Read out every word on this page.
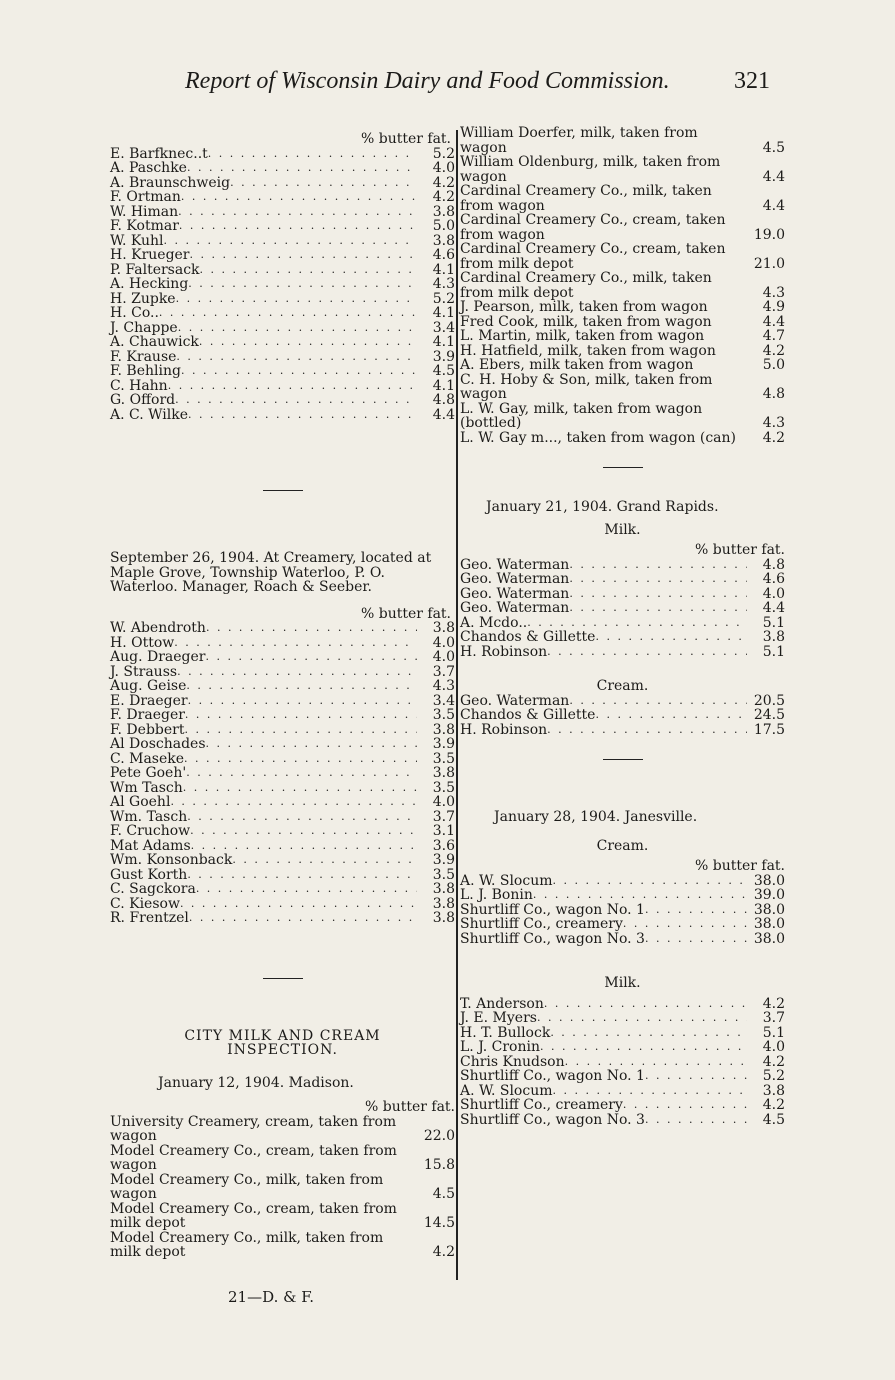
Report of Wisconsin Dairy and Food Commission.	321
% butter fat.
E. Barfknec..t . . .	5.2
A. Paschke . . .	4.0
A. Braunschweig . . .	4.2
F. Ortman . . .	4.2
W. Himan . . .	3.8
F. Kotmar . . .	5.0
W. Kuhl . . .	3.8
H. Krueger . . .	4.6
P. Faltersack . . .	4.1
A. Hecking . . .	4.3
H. Zupke . . .	5.2
H. Co.. . . .	4.1
J. Chappe . . .	3.4
A. Chauwick . . .	4.1
F. Krause . . .	3.9
F. Behling . . .	4.5
C. Hahn . . .	4.1
G. Offord . . .	4.8
A. C. Wilke . . .	4.4
September 26, 1904. At Creamery, located at Maple Grove, Township Waterloo, P. O. Waterloo. Manager, Roach & Seeber.
% butter fat.
W. Abendroth . . .	3.8
H. Ottow . . .	4.0
Aug. Draeger . . .	4.0
J. Strauss . . .	3.7
Aug. Geise . . .	4.3
E. Draeger . . .	3.4
F. Draeger . . .	3.5
F. Debbert . . .	3.8
Al Doschades . . .	3.9
C. Maseke . . .	3.5
Pete Goeh' . . .	3.8
Wm Tasch . . .	3.5
Al Goehl . . .	4.0
Wm. Tasch . . .	3.7
F. Cruchow . . .	3.1
Mat Adams . . .	3.6
Wm. Konsonback . . .	3.9
Gust Korth . . .	3.5
C. Sagckora . . .	3.8
C. Kiesow . . .	3.8
R. Frentzel . . .	3.8
CITY MILK AND CREAM INSPECTION.
January 12, 1904. Madison.
% butter fat.
University Creamery, cream, taken from wagon	22.0
Model Creamery Co., cream, taken from wagon	15.8
Model Creamery Co., milk, taken from wagon	4.5
Model Creamery Co., cream, taken from milk depot	14.5
Model Creamery Co., milk, taken from milk depot	4.2
21—D. & F.
William Doerfer, milk, taken from wagon	4.5
William Oldenburg, milk, taken from wagon	4.4
Cardinal Creamery Co., milk, taken from wagon	4.4
Cardinal Creamery Co., cream, taken from wagon	19.0
Cardinal Creamery Co., cream, taken from milk depot	21.0
Cardinal Creamery Co., milk, taken from milk depot	4.3
J. Pearson, milk, taken from wagon	4.9
Fred Cook, milk, taken from wagon	4.4
L. Martin, milk, taken from wagon	4.7
H. Hatfield, milk, taken from wagon	4.2
A. Ebers, milk taken from wagon	5.0
C. H. Hoby & Son, milk, taken from wagon	4.8
L. W. Gay, milk, taken from wagon (bottled)	4.3
L. W. Gay m..., taken from wagon (can)	4.2
January 21, 1904. Grand Rapids.
Milk.
% butter fat.
Geo. Waterman . . .	4.8
Geo. Waterman . . .	4.6
Geo. Waterman . . .	4.0
Geo. Waterman . . .	4.4
A. Mcdo.. . . .	5.1
Chandos & Gillette . . .	3.8
H. Robinson . . .	5.1
Cream.
Geo. Waterman . . .	20.5
Chandos & Gillette . . .	24.5
H. Robinson . . .	17.5
January 28, 1904. Janesville.
Cream.
% butter fat.
A. W. Slocum . . .	38.0
L. J. Bonin . . .	39.0
Shurtliff Co., wagon No. 1 . . .	38.0
Shurtliff Co., creamery . . .	38.0
Shurtliff Co., wagon No. 3 . . .	38.0
Milk.
T. Anderson . . .	4.2
J. E. Myers . . .	3.7
H. T. Bullock . . .	5.1
L. J. Cronin . . .	4.0
Chris Knudson . . .	4.2
Shurtliff Co., wagon No. 1 . . .	5.2
A. W. Slocum . . .	3.8
Shurtliff Co., creamery . . .	4.2
Shurtliff Co., wagon No. 3 . . .	4.5
